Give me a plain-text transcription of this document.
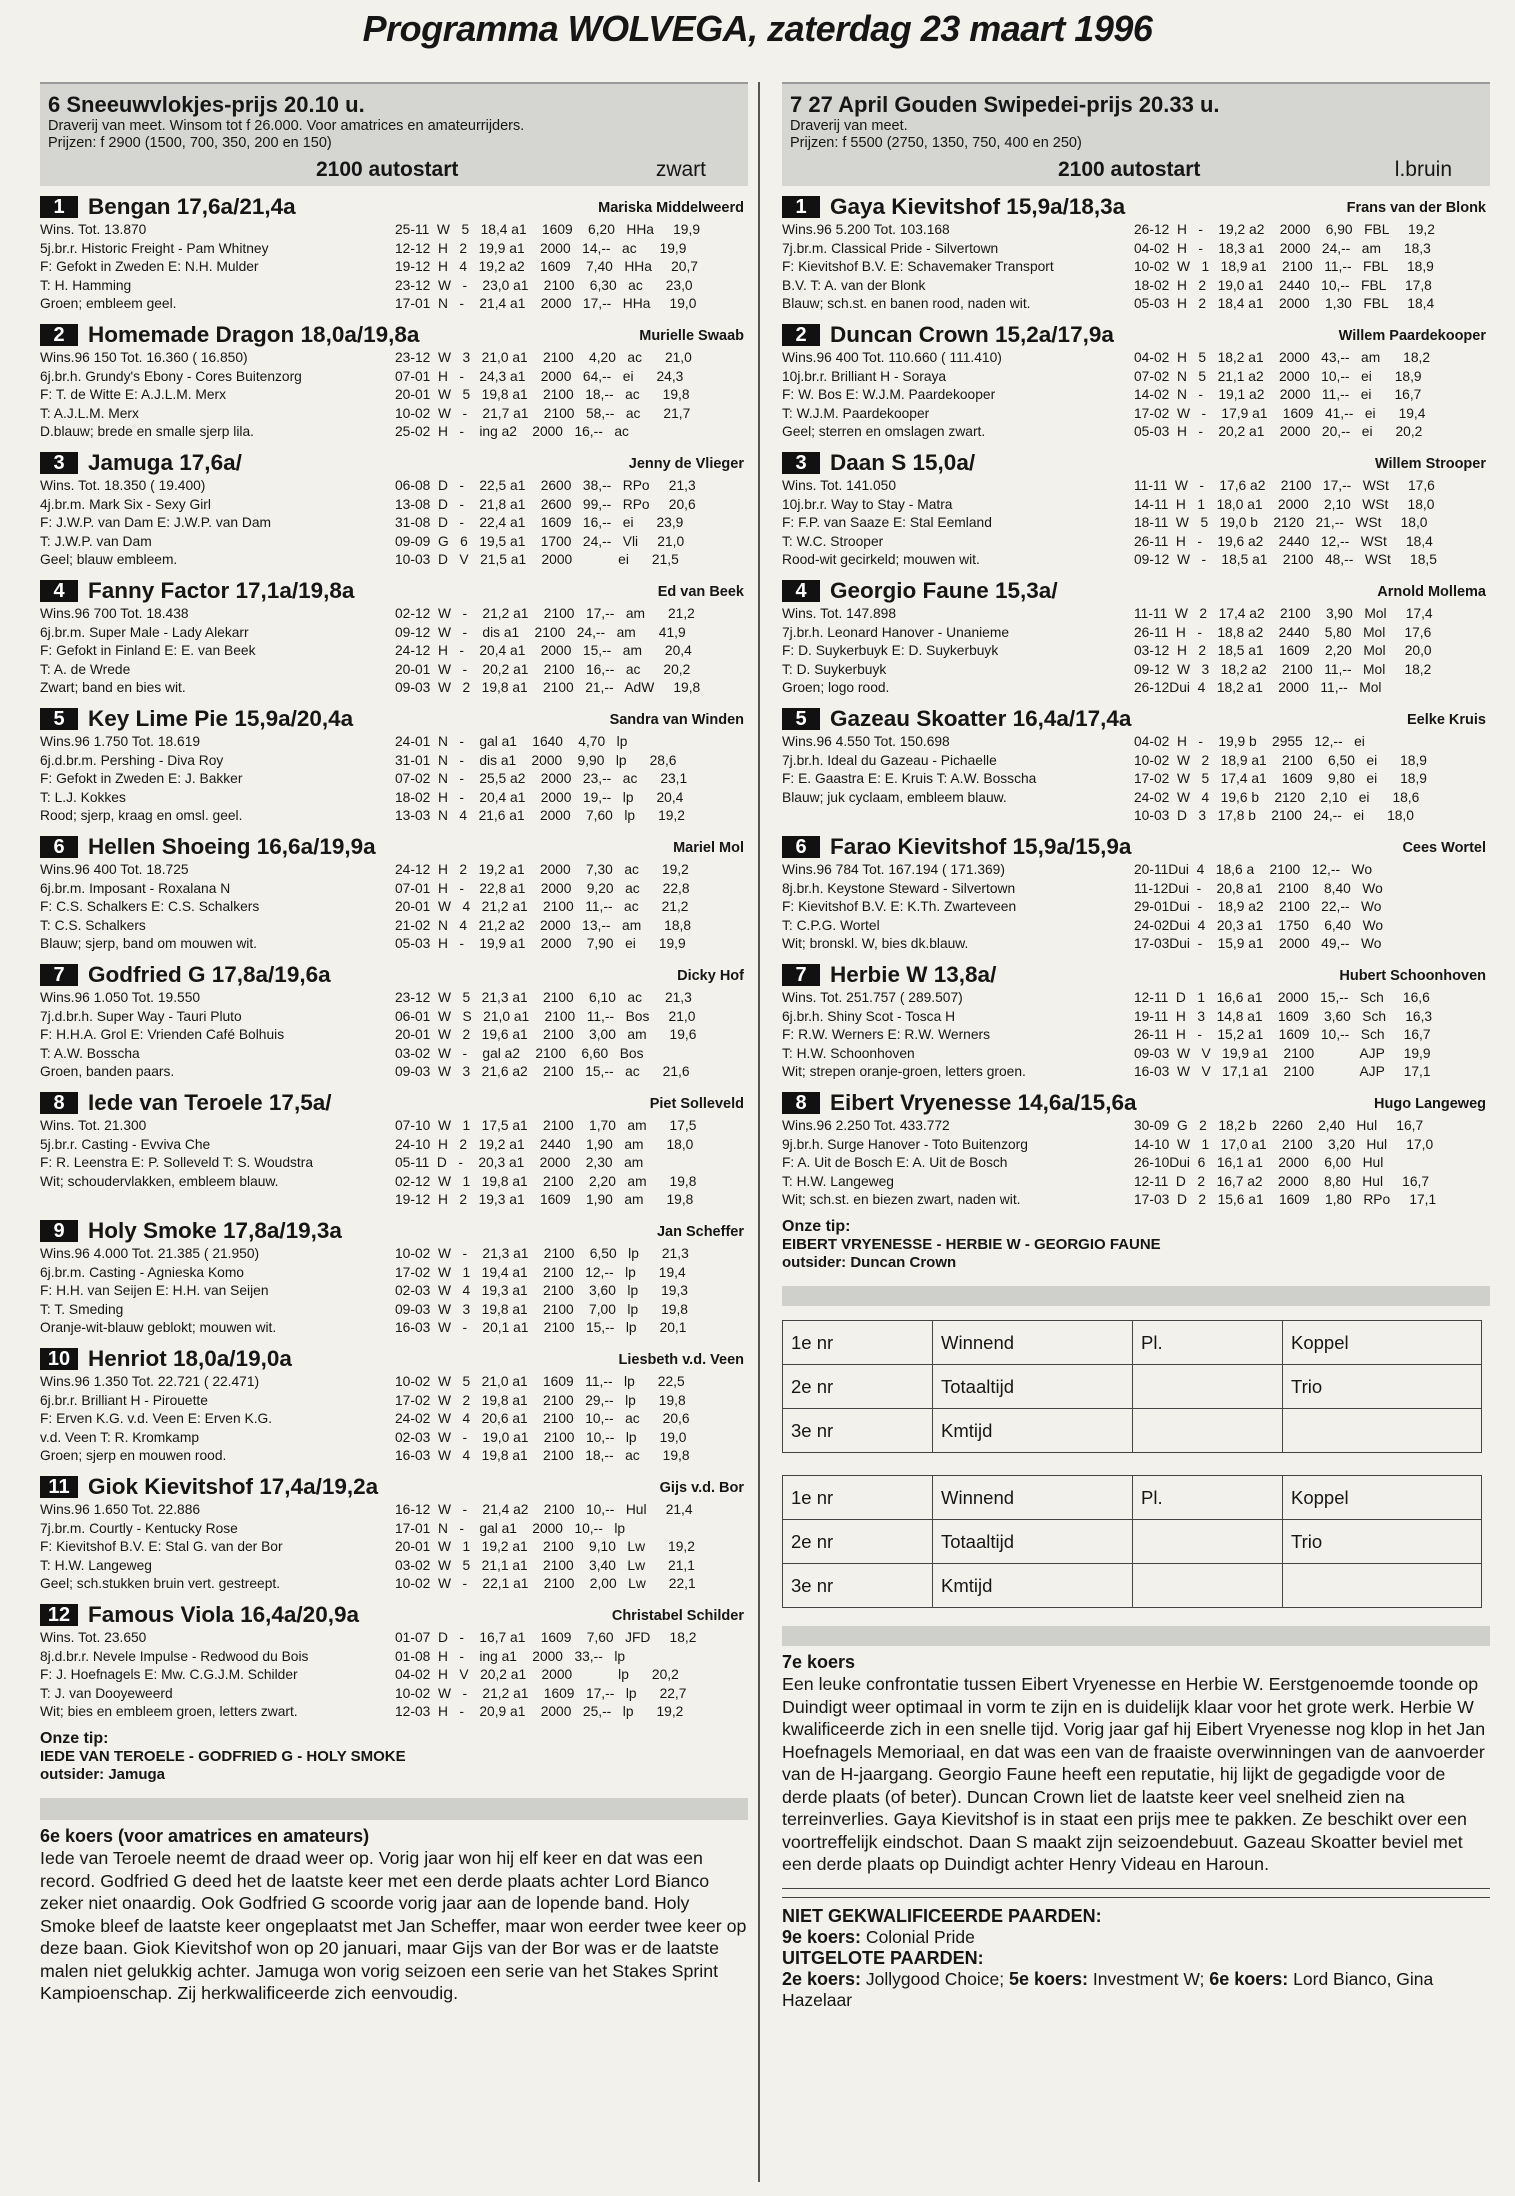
Programma WOLVEGA, zaterdag 23 maart 1996
6 Sneeuwvlokjes-prijs 20.10 u.
Draverij van meet. Winsom tot f 26.000. Voor amatrices en amateurrijders.
Prijzen: f 2900 (1500, 700, 350, 200 en 150)
2100 autostart	zwart
1	Bengan 17,6a/21,4a	Mariska Middelweerd
Wins. Tot. 13.870
5j.br.r. Historic Freight - Pam Whitney
F: Gefokt in Zweden E: N.H. Mulder
T: H. Hamming
Groen; embleem geel.
25-11  W   5   18,4 a1    1609    6,20   HHa     19,9
12-12  H   2   19,9 a1    2000   14,--   ac      19,9
19-12  H   4   19,2 a2    1609    7,40   HHa     20,7
23-12  W   -    23,0 a1    2100    6,30   ac      23,0
17-01  N   -    21,4 a1    2000   17,--   HHa     19,0
2	Homemade Dragon 18,0a/19,8a	Murielle Swaab
Wins.96 150 Tot. 16.360 ( 16.850)
6j.br.h. Grundy's Ebony - Cores Buitenzorg
F: T. de Witte E: A.J.L.M. Merx
T: A.J.L.M. Merx
D.blauw; brede en smalle sjerp lila.
23-12  W   3   21,0 a1    2100    4,20   ac      21,0
07-01  H   -    24,3 a1    2000   64,--   ei      24,3
20-01  W   5   19,8 a1    2100   18,--   ac      19,8
10-02  W   -    21,7 a1    2100   58,--   ac      21,7
25-02  H   -    ing a2    2000   16,--   ac
3	Jamuga 17,6a/	Jenny de Vlieger
Wins. Tot. 18.350 ( 19.400)
4j.br.m. Mark Six - Sexy Girl
F: J.W.P. van Dam E: J.W.P. van Dam
T: J.W.P. van Dam
Geel; blauw embleem.
06-08  D   -    22,5 a1    2600   38,--   RPo     21,3
13-08  D   -    21,8 a1    2600   99,--   RPo     20,6
31-08  D   -    22,4 a1    1609   16,--   ei      23,9
09-09  G   6   19,5 a1    1700   24,--   Vli     21,0
10-03  D   V   21,5 a1    2000            ei      21,5
4	Fanny Factor 17,1a/19,8a	Ed van Beek
Wins.96 700 Tot. 18.438
6j.br.m. Super Male - Lady Alekarr
F: Gefokt in Finland E: E. van Beek
T: A. de Wrede
Zwart; band en bies wit.
02-12  W   -    21,2 a1    2100   17,--   am      21,2
09-12  W   -    dis a1    2100   24,--   am      41,9
24-12  H   -    20,4 a1    2000   15,--   am      20,4
20-01  W   -    20,2 a1    2100   16,--   ac      20,2
09-03  W   2   19,8 a1    2100   21,--   AdW     19,8
5	Key Lime Pie 15,9a/20,4a	Sandra van Winden
Wins.96 1.750 Tot. 18.619
6j.d.br.m. Pershing - Diva Roy
F: Gefokt in Zweden E: J. Bakker
T: L.J. Kokkes
Rood; sjerp, kraag en omsl. geel.
24-01  N   -    gal a1    1640    4,70   lp
31-01  N   -    dis a1    2000    9,90   lp      28,6
07-02  N   -    25,5 a2    2000   23,--   ac      23,1
18-02  H   -    20,4 a1    2000   19,--   lp      20,4
13-03  N   4   21,6 a1    2000    7,60   lp      19,2
6	Hellen Shoeing 16,6a/19,9a	Mariel Mol
Wins.96 400 Tot. 18.725
6j.br.m. Imposant - Roxalana N
F: C.S. Schalkers E: C.S. Schalkers
T: C.S. Schalkers
Blauw; sjerp, band om mouwen wit.
24-12  H   2   19,2 a1    2000    7,30   ac      19,2
07-01  H   -    22,8 a1    2000    9,20   ac      22,8
20-01  W   4   21,2 a1    2100   11,--   ac      21,2
21-02  N   4   21,2 a2    2000   13,--   am      18,8
05-03  H   -    19,9 a1    2000    7,90   ei      19,9
7	Godfried G 17,8a/19,6a	Dicky Hof
Wins.96 1.050 Tot. 19.550
7j.d.br.h. Super Way - Tauri Pluto
F: H.H.A. Grol E: Vrienden Café Bolhuis
T: A.W. Bosscha
Groen, banden paars.
23-12  W   5   21,3 a1    2100    6,10   ac      21,3
06-01  W   S   21,0 a1    2100   11,--   Bos     21,0
20-01  W   2   19,6 a1    2100    3,00   am      19,6
03-02  W   -    gal a2    2100    6,60   Bos
09-03  W   3   21,6 a2    2100   15,--   ac      21,6
8	Iede van Teroele 17,5a/	Piet Solleveld
Wins. Tot. 21.300
5j.br.r. Casting - Evviva Che
F: R. Leenstra E: P. Solleveld T: S. Woudstra
Wit; schoudervlakken, embleem blauw.
07-10  W   1   17,5 a1    2100    1,70   am      17,5
24-10  H   2   19,2 a1    2440    1,90   am      18,0
05-11  D   -    20,3 a1    2000    2,30   am
02-12  W   1   19,8 a1    2100    2,20   am      19,8
19-12  H   2   19,3 a1    1609    1,90   am      19,8
9	Holy Smoke 17,8a/19,3a	Jan Scheffer
Wins.96 4.000 Tot. 21.385 ( 21.950)
6j.br.m. Casting - Agnieska Komo
F: H.H. van Seijen E: H.H. van Seijen
T: T. Smeding
Oranje-wit-blauw geblokt; mouwen wit.
10-02  W   -    21,3 a1    2100    6,50   lp      21,3
17-02  W   1   19,4 a1    2100   12,--   lp      19,4
02-03  W   4   19,3 a1    2100    3,60   lp      19,3
09-03  W   3   19,8 a1    2100    7,00   lp      19,8
16-03  W   -    20,1 a1    2100   15,--   lp      20,1
10 Henriot 18,0a/19,0a	Liesbeth v.d. Veen
Wins.96 1.350 Tot. 22.721 ( 22.471)
6j.br.r. Brilliant H - Pirouette
F: Erven K.G. v.d. Veen E: Erven K.G.
v.d. Veen T: R. Kromkamp
Groen; sjerp en mouwen rood.
10-02  W   5   21,0 a1    1609   11,--   lp      22,5
17-02  W   2   19,8 a1    2100   29,--   lp      19,8
24-02  W   4   20,6 a1    2100   10,--   ac      20,6
02-03  W   -    19,0 a1    2100   10,--   lp      19,0
16-03  W   4   19,8 a1    2100   18,--   ac      19,8
11 Giok Kievitshof 17,4a/19,2a	Gijs v.d. Bor
Wins.96 1.650 Tot. 22.886
7j.br.m. Courtly - Kentucky Rose
F: Kievitshof B.V. E: Stal G. van der Bor
T: H.W. Langeweg
Geel; sch.stukken bruin vert. gestreept.
16-12  W   -    21,4 a2    2100   10,--   Hul     21,4
17-01  N   -    gal a1    2000   10,--   lp
20-01  W   1   19,2 a1    2100    9,10   Lw      19,2
03-02  W   5   21,1 a1    2100    3,40   Lw      21,1
10-02  W   -    22,1 a1    2100    2,00   Lw      22,1
12 Famous Viola 16,4a/20,9a	Christabel Schilder
Wins. Tot. 23.650
8j.d.br.r. Nevele Impulse - Redwood du Bois
F: J. Hoefnagels E: Mw. C.G.J.M. Schilder
T: J. van Dooyeweerd
Wit; bies en embleem groen, letters zwart.
01-07  D   -    16,7 a1    1609    7,60   JFD     18,2
01-08  H   -    ing a1    2000   33,--   lp
04-02  H   V   20,2 a1    2000            lp      20,2
10-02  W   -    21,2 a1    1609   17,--   lp      22,7
12-03  H   -    20,9 a1    2000   25,--   lp      19,2
Onze tip:
IEDE VAN TEROELE - GODFRIED G - HOLY SMOKE
outsider: Jamuga
6e koers (voor amatrices en amateurs)

Iede van Teroele neemt de draad weer op. Vorig jaar won hij elf keer en dat was een record. Godfried G deed het de laatste keer met een derde plaats achter Lord Bianco zeker niet onaardig. Ook Godfried G scoorde vorig jaar aan de lopende band. Holy Smoke bleef de laatste keer ongeplaatst met Jan Scheffer, maar won eerder twee keer op deze baan. Giok Kievitshof won op 20 januari, maar Gijs van der Bor was er de laatste malen niet gelukkig achter. Jamuga won vorig seizoen een serie van het Stakes Sprint Kampioenschap. Zij herkwalificeerde zich eenvoudig.

7 27 April Gouden Swipedei-prijs 20.33 u.
Draverij van meet.
Prijzen: f 5500 (2750, 1350, 750, 400 en 250)
2100 autostart	l.bruin
1	Gaya Kievitshof 15,9a/18,3a	Frans van der Blonk
Wins.96 5.200 Tot. 103.168
7j.br.m. Classical Pride - Silvertown
F: Kievitshof B.V. E: Schavemaker Transport
B.V. T: A. van der Blonk
Blauw; sch.st. en banen rood, naden wit.
26-12  H   -    19,2 a2    2000    6,90   FBL     19,2
04-02  H   -    18,3 a1    2000   24,--   am      18,3
10-02  W   1   18,9 a1    2100   11,--   FBL     18,9
18-02  H   2   19,0 a1    2440   10,--   FBL     17,8
05-03  H   2   18,4 a1    2000    1,30   FBL     18,4
2	Duncan Crown 15,2a/17,9a	Willem Paardekooper
Wins.96 400 Tot. 110.660 ( 111.410)
10j.br.r. Brilliant H - Soraya
F: W. Bos E: W.J.M. Paardekooper
T: W.J.M. Paardekooper
Geel; sterren en omslagen zwart.
04-02  H   5   18,2 a1    2000   43,--   am      18,2
07-02  N   5   21,1 a2    2000   10,--   ei      18,9
14-02  N   -    19,1 a2    2000   11,--   ei      16,7
17-02  W   -    17,9 a1    1609   41,--   ei      19,4
05-03  H   -    20,2 a1    2000   20,--   ei      20,2
3	Daan S 15,0a/	Willem Strooper
Wins. Tot. 141.050
10j.br.r. Way to Stay - Matra
F: F.P. van Saaze E: Stal Eemland
T: W.C. Strooper
Rood-wit gecirkeld; mouwen wit.
11-11  W   -    17,6 a2    2100   17,--   WSt     17,6
14-11  H   1   18,0 a1    2000    2,10   WSt     18,0
18-11  W   5   19,0 b    2120   21,--   WSt     18,0
26-11  H   -    19,6 a2    2440   12,--   WSt     18,4
09-12  W   -    18,5 a1    2100   48,--   WSt     18,5
4	Georgio Faune 15,3a/	Arnold Mollema
Wins. Tot. 147.898
7j.br.h. Leonard Hanover - Unanieme
F: D. Suykerbuyk E: D. Suykerbuyk
T: D. Suykerbuyk
Groen; logo rood.
11-11  W   2   17,4 a2    2100    3,90   Mol     17,4
26-11  H   -    18,8 a2    2440    5,80   Mol     17,6
03-12  H   2   18,5 a1    1609    2,20   Mol     20,0
09-12  W   3   18,2 a2    2100   11,--   Mol     18,2
26-12Dui  4   18,2 a1    2000   11,--   Mol
5	Gazeau Skoatter 16,4a/17,4a	Eelke Kruis
Wins.96 4.550 Tot. 150.698
7j.br.h. Ideal du Gazeau - Pichaelle
F: E. Gaastra E: E. Kruis T: A.W. Bosscha
Blauw; juk cyclaam, embleem blauw.
04-02  H   -    19,9 b    2955   12,--   ei
10-02  W   2   18,9 a1    2100    6,50   ei      18,9
17-02  W   5   17,4 a1    1609    9,80   ei      18,9
24-02  W   4   19,6 b    2120    2,10   ei      18,6
10-03  D   3   17,8 b    2100   24,--   ei      18,0
6	Farao Kievitshof 15,9a/15,9a	Cees Wortel
Wins.96 784 Tot. 167.194 ( 171.369)
8j.br.h. Keystone Steward - Silvertown
F: Kievitshof B.V. E: K.Th. Zwarteveen
T: C.P.G. Wortel
Wit; bronskl. W, bies dk.blauw.
20-11Dui  4   18,6 a    2100   12,--   Wo
11-12Dui  -    20,8 a1    2100    8,40   Wo
29-01Dui  -    18,9 a2    2100   22,--   Wo
24-02Dui  4   20,3 a1    1750    6,40   Wo
17-03Dui  -    15,9 a1    2000   49,--   Wo
7	Herbie W 13,8a/	Hubert Schoonhoven
Wins. Tot. 251.757 ( 289.507)
6j.br.h. Shiny Scot - Tosca H
F: R.W. Werners E: R.W. Werners
T: H.W. Schoonhoven
Wit; strepen oranje-groen, letters groen.
12-11  D   1   16,6 a1    2000   15,--   Sch     16,6
19-11  H   3   14,8 a1    1609    3,60   Sch     16,3
26-11  H   -    15,2 a1    1609   10,--   Sch     16,7
09-03  W   V   19,9 a1    2100            AJP     19,9
16-03  W   V   17,1 a1    2100            AJP     17,1
8	Eibert Vryenesse 14,6a/15,6a	Hugo Langeweg
Wins.96 2.250 Tot. 433.772
9j.br.h. Surge Hanover - Toto Buitenzorg
F: A. Uit de Bosch E: A. Uit de Bosch
T: H.W. Langeweg
Wit; sch.st. en biezen zwart, naden wit.
30-09  G   2   18,2 b    2260    2,40   Hul     16,7
14-10  W   1   17,0 a1    2100    3,20   Hul     17,0
26-10Dui  6   16,1 a1    2000    6,00   Hul
12-11  D   2   16,7 a2    2000    8,80   Hul     16,7
17-03  D   2   15,6 a1    1609    1,80   RPo     17,1
Onze tip:
EIBERT VRYENESSE - HERBIE W - GEORGIO FAUNE
outsider: Duncan Crown
1e nr	Winnend	Pl.	Koppel
2e nr	Totaaltijd		Trio
3e nr	Kmtijd		
1e nr	Winnend	Pl.	Koppel
2e nr	Totaaltijd		Trio
3e nr	Kmtijd		
7e koers

Een leuke confrontatie tussen Eibert Vryenesse en Herbie W. Eerstgenoemde toonde op Duindigt weer optimaal in vorm te zijn en is duidelijk klaar voor het grote werk. Herbie W kwalificeerde zich in een snelle tijd. Vorig jaar gaf hij Eibert Vryenesse nog klop in het Jan Hoefnagels Memoriaal, en dat was een van de fraaiste overwinningen van de aanvoerder van de H-jaargang. Georgio Faune heeft een reputatie, hij lijkt de gegadigde voor de derde plaats (of beter). Duncan Crown liet de laatste keer veel snelheid zien na terreinverlies. Gaya Kievitshof is in staat een prijs mee te pakken. Ze beschikt over een voortreffelijk eindschot. Daan S maakt zijn seizoendebuut. Gazeau Skoatter beviel met een derde plaats op Duindigt achter Henry Videau en Haroun.

NIET GEKWALIFICEERDE PAARDEN:
9e koers: Colonial Pride
UITGELOTE PAARDEN:
2e koers: Jollygood Choice; 5e koers: Investment W; 6e koers: Lord Bianco, Gina Hazelaar
